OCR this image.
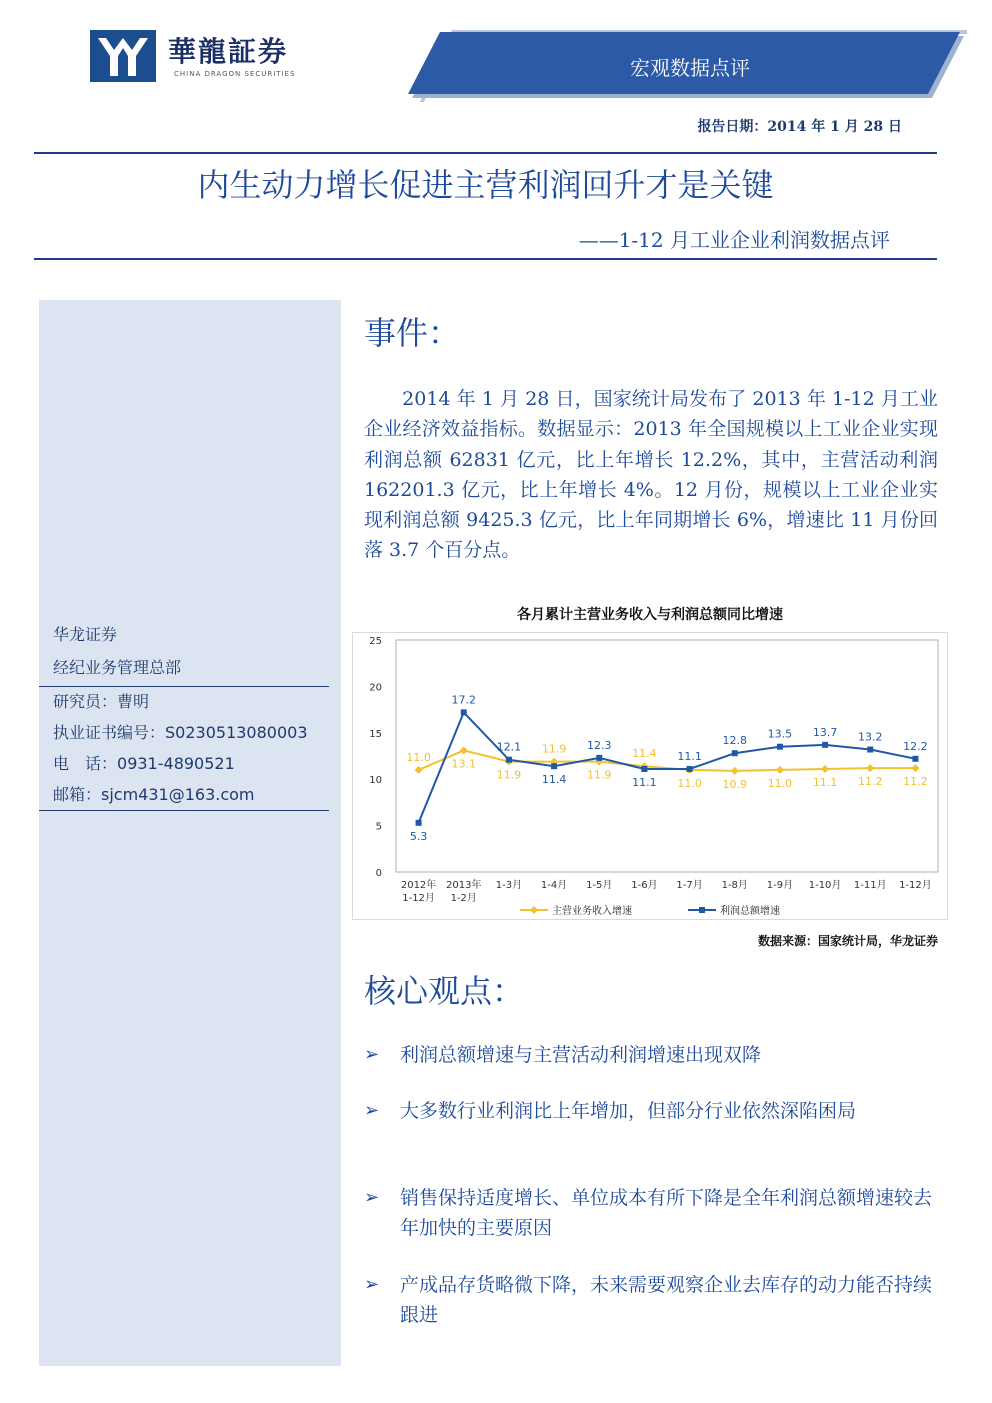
華龍証券
CHINA DRAGON SECURITIES	宏观数据点评
报告日期：2014 年 1 月 28 日
内生动力增长促进主营利润回升才是关键
——1-12 月工业企业利润数据点评
华龙证券
经纪业务管理总部
研究员：曹明
执业证书编号：S0230513080003
电　话：0931-4890521
邮箱：sjcm431@163.com
事件：
　　2014 年 1 月 28 日，国家统计局发布了 2013 年 1-12 月工业企业经济效益指标。数据显示：2013 年全国规模以上工业企业实现利润总额 62831 亿元，比上年增长 12.2%，其中，主营活动利润 162201.3 亿元，比上年增长 4%。12 月份，规模以上工业企业实现利润总额 9425.3 亿元，比上年同期增长 6%，增速比 11 月份回落 3.7 个百分点。
各月累计主营业务收入与利润总额同比增速
0
5
10
15
20
25
2012年
1-12月
2013年
1-2月
1-3月 1-4月 1-5月 1-6月 1-7月 1-8月 1-9月 1-10月 1-11月 1-12月
11.0
13.1
11.9
11.9
11.9
11.4
11.0 10.9 11.0 11.1 11.2 11.2
5.3
17.2
12.1
11.4
12.3
11.1
11.1
12.8 13.5 13.7 13.2
12.2
主营业务收入增速	利润总额增速
数据来源：国家统计局，华龙证券
核心观点：
➢ 利润总额增速与主营活动利润增速出现双降
➢ 大多数行业利润比上年增加，但部分行业依然深陷困局
➢ 销售保持适度增长、单位成本有所下降是全年利润总额增速较去年加快的主要原因
➢ 产成品存货略微下降，未来需要观察企业去库存的动力能否持续跟进
